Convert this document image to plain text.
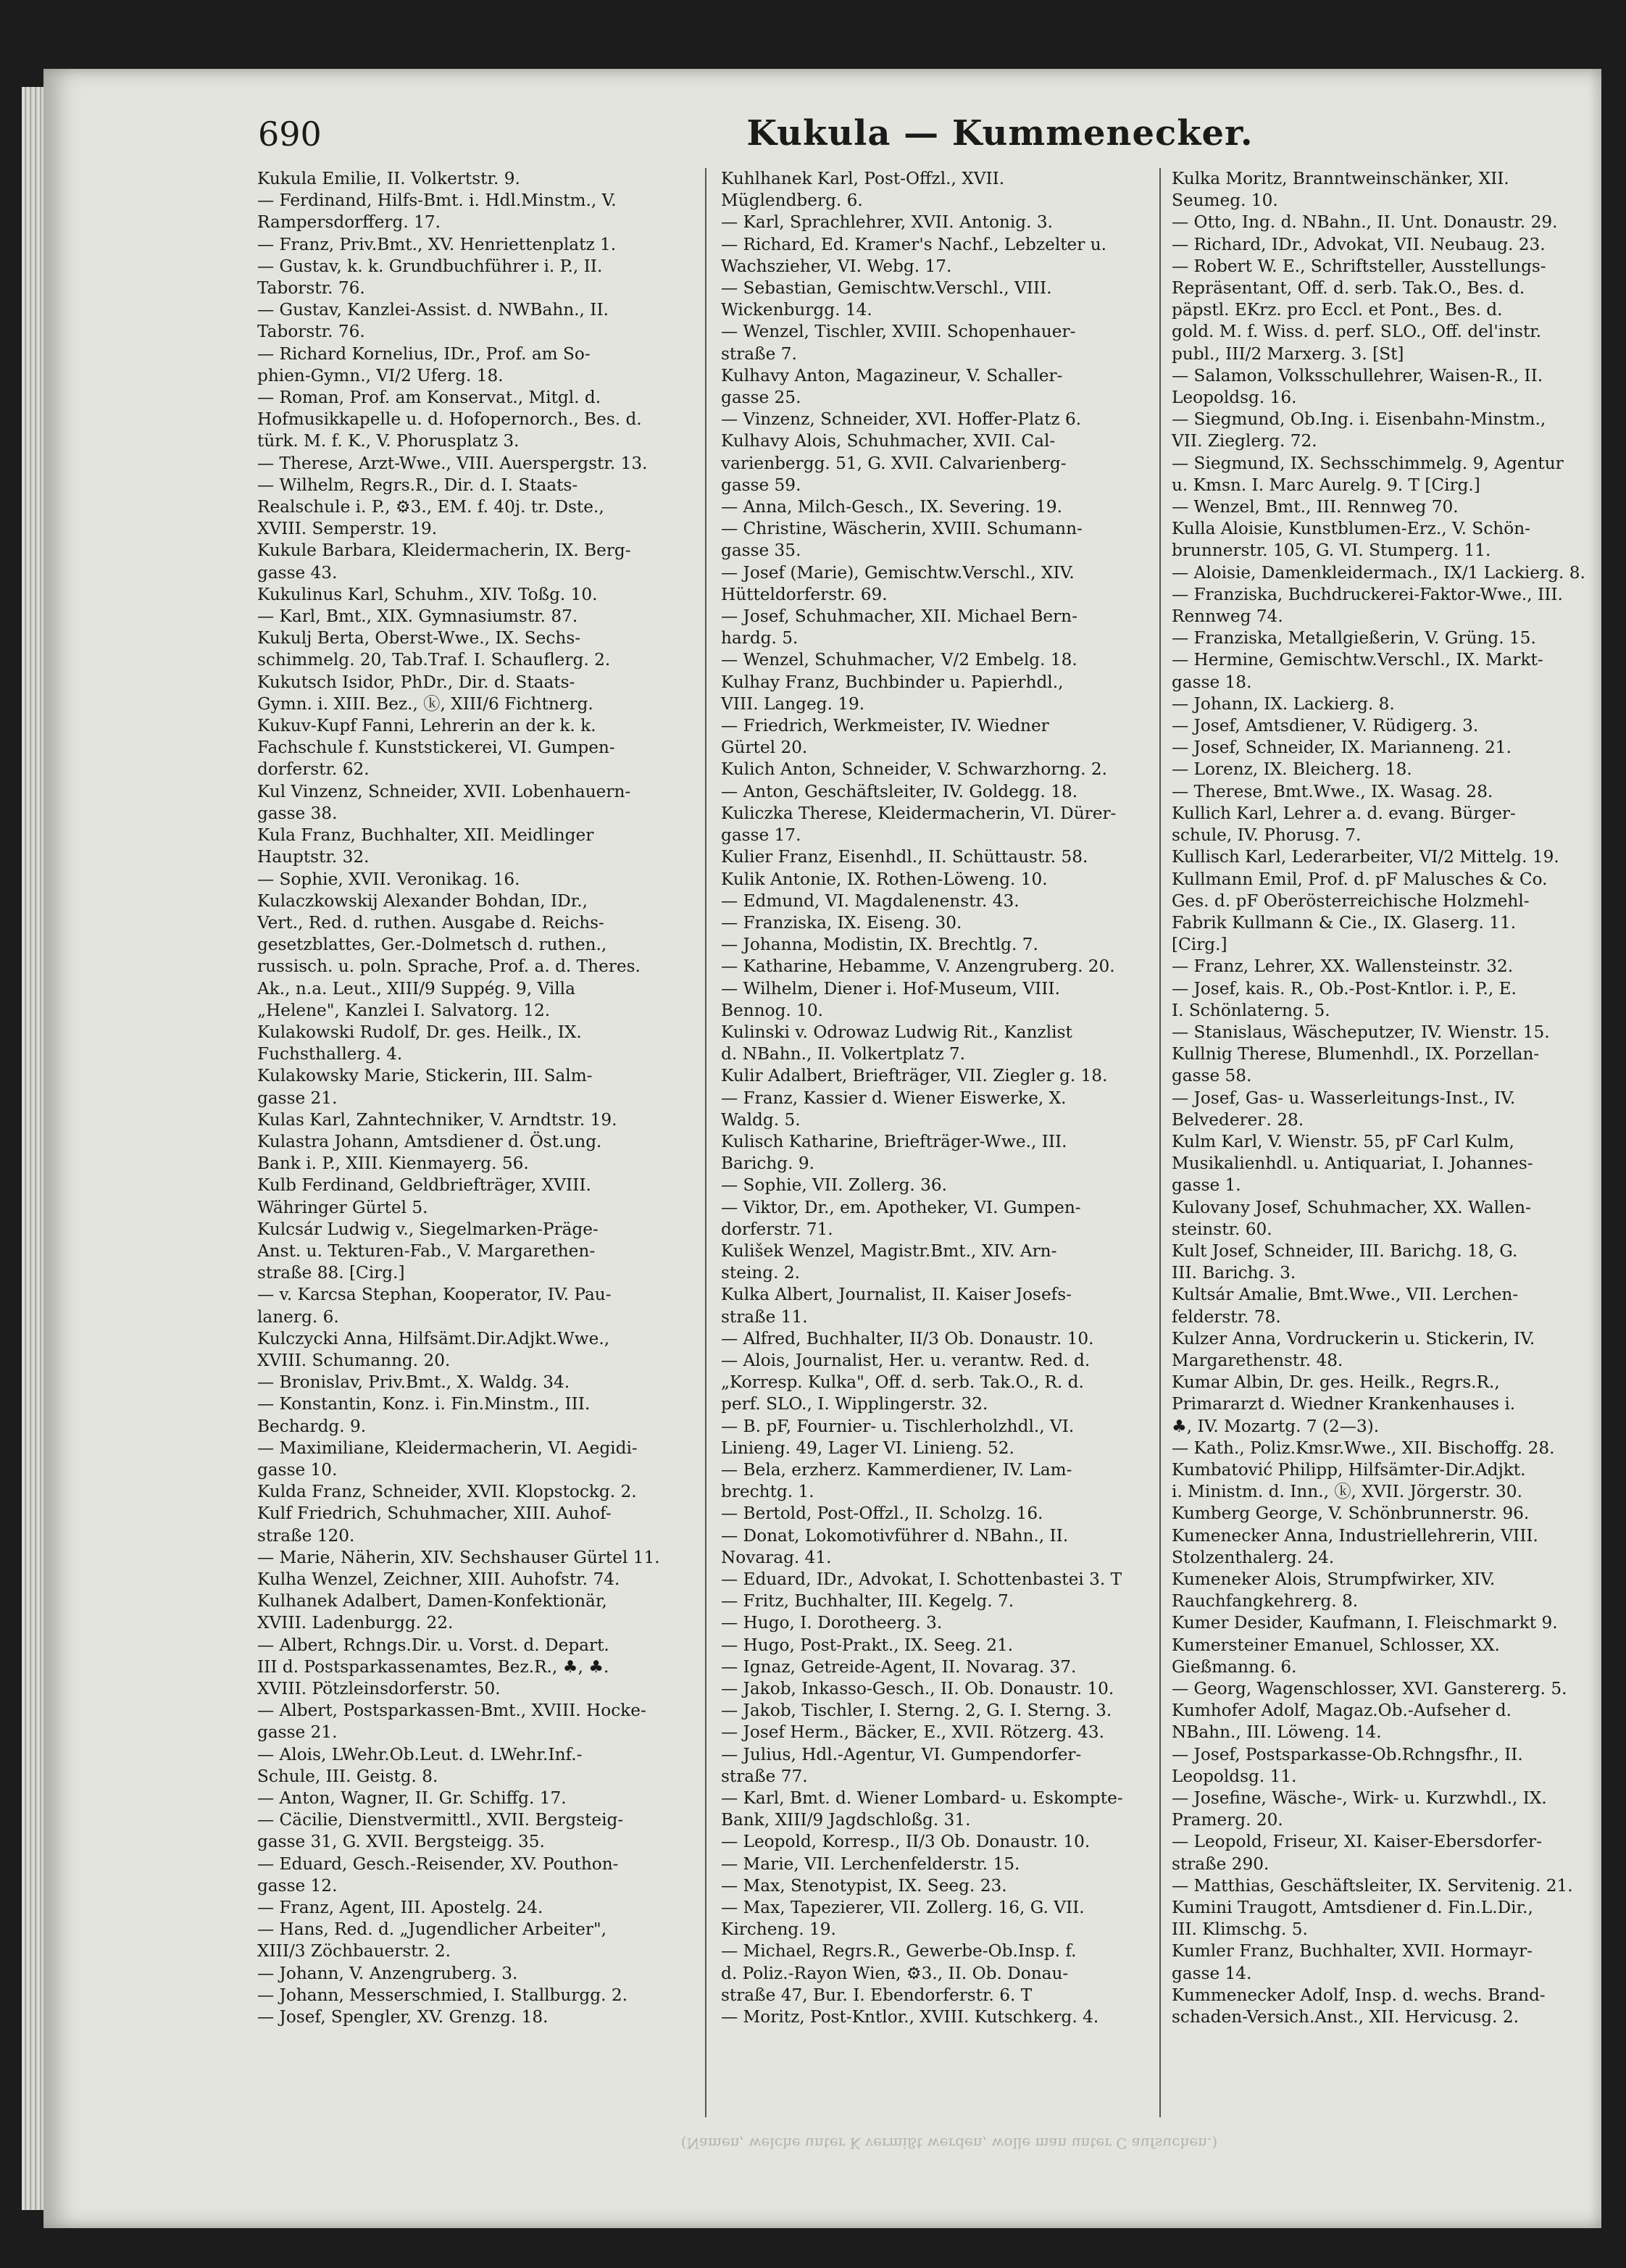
690	Kukula — Kummenecker.
Kukula Emilie, II. Volkertstr. 9.
— Ferdinand, Hilfs-Bmt. i. Hdl.Minstm., V.
Rampersdorfferg. 17.
— Franz, Priv.Bmt., XV. Henriettenplatz 1.
— Gustav, k. k. Grundbuchführer i. P., II.
Taborstr. 76.
— Gustav, Kanzlei-Assist. d. NWBahn., II.
Taborstr. 76.
— Richard Kornelius, IDr., Prof. am So-
phien-Gymn., VI/2 Uferg. 18.
— Roman, Prof. am Konservat., Mitgl. d.
Hofmusikkapelle u. d. Hofopernorch., Bes. d.
türk. M. f. K., V. Phorusplatz 3.
— Therese, Arzt-Wwe., VIII. Auerspergstr. 13.
— Wilhelm, Regrs.R., Dir. d. I. Staats-
Realschule i. P., ⚙3., EM. f. 40j. tr. Dste.,
XVIII. Semperstr. 19.
Kukule Barbara, Kleidermacherin, IX. Berg-
gasse 43.
Kukulinus Karl, Schuhm., XIV. Toßg. 10.
— Karl, Bmt., XIX. Gymnasiumstr. 87.
Kukulj Berta, Oberst-Wwe., IX. Sechs-
schimmelg. 20, Tab.Traf. I. Schauflerg. 2.
Kukutsch Isidor, PhDr., Dir. d. Staats-
Gymn. i. XIII. Bez., ⓚ, XIII/6 Fichtnerg.
Kukuv-Kupf Fanni, Lehrerin an der k. k.
Fachschule f. Kunststickerei, VI. Gumpen-
dorferstr. 62.
Kul Vinzenz, Schneider, XVII. Lobenhauern-
gasse 38.
Kula Franz, Buchhalter, XII. Meidlinger
Hauptstr. 32.
— Sophie, XVII. Veronikag. 16.
Kulaczkowskij Alexander Bohdan, IDr.,
Vert., Red. d. ruthen. Ausgabe d. Reichs-
gesetzblattes, Ger.-Dolmetsch d. ruthen.,
russisch. u. poln. Sprache, Prof. a. d. Theres.
Ak., n.a. Leut., XIII/9 Suppég. 9, Villa
„Helene", Kanzlei I. Salvatorg. 12.
Kulakowski Rudolf, Dr. ges. Heilk., IX.
Fuchsthallerg. 4.
Kulakowsky Marie, Stickerin, III. Salm-
gasse 21.
Kulas Karl, Zahntechniker, V. Arndtstr. 19.
Kulastra Johann, Amtsdiener d. Öst.ung.
Bank i. P., XIII. Kienmayerg. 56.
Kulb Ferdinand, Geldbriefträger, XVIII.
Währinger Gürtel 5.
Kulcsár Ludwig v., Siegelmarken-Präge-
Anst. u. Tekturen-Fab., V. Margarethen-
straße 88. [Cirg.]
— v. Karcsa Stephan, Kooperator, IV. Pau-
lanerg. 6.
Kulczycki Anna, Hilfsämt.Dir.Adjkt.Wwe.,
XVIII. Schumanng. 20.
— Bronislav, Priv.Bmt., X. Waldg. 34.
— Konstantin, Konz. i. Fin.Minstm., III.
Bechardg. 9.
— Maximiliane, Kleidermacherin, VI. Aegidi-
gasse 10.
Kulda Franz, Schneider, XVII. Klopstockg. 2.
Kulf Friedrich, Schuhmacher, XIII. Auhof-
straße 120.
— Marie, Näherin, XIV. Sechshauser Gürtel 11.
Kulha Wenzel, Zeichner, XIII. Auhofstr. 74.
Kulhanek Adalbert, Damen-Konfektionär,
XVIII. Ladenburgg. 22.
— Albert, Rchngs.Dir. u. Vorst. d. Depart.
III d. Postsparkassenamtes, Bez.R., ♣, ♣.
XVIII. Pötzleinsdorferstr. 50.
— Albert, Postsparkassen-Bmt., XVIII. Hocke-
gasse 21.
— Alois, LWehr.Ob.Leut. d. LWehr.Inf.-
Schule, III. Geistg. 8.
— Anton, Wagner, II. Gr. Schiffg. 17.
— Cäcilie, Dienstvermittl., XVII. Bergsteig-
gasse 31, G. XVII. Bergsteigg. 35.
— Eduard, Gesch.-Reisender, XV. Pouthon-
gasse 12.
— Franz, Agent, III. Apostelg. 24.
— Hans, Red. d. „Jugendlicher Arbeiter",
XIII/3 Zöchbauerstr. 2.
— Johann, V. Anzengruberg. 3.
— Johann, Messerschmied, I. Stallburgg. 2.
— Josef, Spengler, XV. Grenzg. 18.
Kuhlhanek Karl, Post-Offzl., XVII.
Müglendberg. 6.
— Karl, Sprachlehrer, XVII. Antonig. 3.
— Richard, Ed. Kramer's Nachf., Lebzelter u.
Wachszieher, VI. Webg. 17.
— Sebastian, Gemischtw.Verschl., VIII.
Wickenburgg. 14.
— Wenzel, Tischler, XVIII. Schopenhauer-
straße 7.
Kulhavy Anton, Magazineur, V. Schaller-
gasse 25.
— Vinzenz, Schneider, XVI. Hoffer-Platz 6.
Kulhavy Alois, Schuhmacher, XVII. Cal-
varienbergg. 51, G. XVII. Calvarienberg-
gasse 59.
— Anna, Milch-Gesch., IX. Severing. 19.
— Christine, Wäscherin, XVIII. Schumann-
gasse 35.
— Josef (Marie), Gemischtw.Verschl., XIV.
Hütteldorferstr. 69.
— Josef, Schuhmacher, XII. Michael Bern-
hardg. 5.
— Wenzel, Schuhmacher, V/2 Embelg. 18.
Kulhay Franz, Buchbinder u. Papierhdl.,
VIII. Langeg. 19.
— Friedrich, Werkmeister, IV. Wiedner
Gürtel 20.
Kulich Anton, Schneider, V. Schwarzhorng. 2.
— Anton, Geschäftsleiter, IV. Goldegg. 18.
Kuliczka Therese, Kleidermacherin, VI. Dürer-
gasse 17.
Kulier Franz, Eisenhdl., II. Schüttaustr. 58.
Kulik Antonie, IX. Rothen-Löweng. 10.
— Edmund, VI. Magdalenenstr. 43.
— Franziska, IX. Eiseng. 30.
— Johanna, Modistin, IX. Brechtlg. 7.
— Katharine, Hebamme, V. Anzengruberg. 20.
— Wilhelm, Diener i. Hof-Museum, VIII.
Bennog. 10.
Kulinski v. Odrowaz Ludwig Rit., Kanzlist
d. NBahn., II. Volkertplatz 7.
Kulir Adalbert, Briefträger, VII. Ziegler g. 18.
— Franz, Kassier d. Wiener Eiswerke, X.
Waldg. 5.
Kulisch Katharine, Briefträger-Wwe., III.
Barichg. 9.
— Sophie, VII. Zollerg. 36.
— Viktor, Dr., em. Apotheker, VI. Gumpen-
dorferstr. 71.
Kulišek Wenzel, Magistr.Bmt., XIV. Arn-
steing. 2.
Kulka Albert, Journalist, II. Kaiser Josefs-
straße 11.
— Alfred, Buchhalter, II/3 Ob. Donaustr. 10.
— Alois, Journalist, Her. u. verantw. Red. d.
„Korresp. Kulka", Off. d. serb. Tak.O., R. d.
perf. SLO., I. Wipplingerstr. 32.
— B. pF, Fournier- u. Tischlerholzhdl., VI.
Linieng. 49, Lager VI. Linieng. 52.
— Bela, erzherz. Kammerdiener, IV. Lam-
brechtg. 1.
— Bertold, Post-Offzl., II. Scholzg. 16.
— Donat, Lokomotivführer d. NBahn., II.
Novarag. 41.
— Eduard, IDr., Advokat, I. Schottenbastei 3. T
— Fritz, Buchhalter, III. Kegelg. 7.
— Hugo, I. Dorotheerg. 3.
— Hugo, Post-Prakt., IX. Seeg. 21.
— Ignaz, Getreide-Agent, II. Novarag. 37.
— Jakob, Inkasso-Gesch., II. Ob. Donaustr. 10.
— Jakob, Tischler, I. Sterng. 2, G. I. Sterng. 3.
— Josef Herm., Bäcker, E., XVII. Rötzerg. 43.
— Julius, Hdl.-Agentur, VI. Gumpendorfer-
straße 77.
— Karl, Bmt. d. Wiener Lombard- u. Eskompte-
Bank, XIII/9 Jagdschloßg. 31.
— Leopold, Korresp., II/3 Ob. Donaustr. 10.
— Marie, VII. Lerchenfelderstr. 15.
— Max, Stenotypist, IX. Seeg. 23.
— Max, Tapezierer, VII. Zollerg. 16, G. VII.
Kircheng. 19.
— Michael, Regrs.R., Gewerbe-Ob.Insp. f.
d. Poliz.-Rayon Wien, ⚙3., II. Ob. Donau-
straße 47, Bur. I. Ebendorferstr. 6. T
— Moritz, Post-Kntlor., XVIII. Kutschkerg. 4.
Kulka Moritz, Branntweinschänker, XII.
Seumeg. 10.
— Otto, Ing. d. NBahn., II. Unt. Donaustr. 29.
— Richard, IDr., Advokat, VII. Neubaug. 23.
— Robert W. E., Schriftsteller, Ausstellungs-
Repräsentant, Off. d. serb. Tak.O., Bes. d.
päpstl. EKrz. pro Eccl. et Pont., Bes. d.
gold. M. f. Wiss. d. perf. SLO., Off. del'instr.
publ., III/2 Marxerg. 3. [St]
— Salamon, Volksschullehrer, Waisen-R., II.
Leopoldsg. 16.
— Siegmund, Ob.Ing. i. Eisenbahn-Minstm.,
VII. Zieglerg. 72.
— Siegmund, IX. Sechsschimmelg. 9, Agentur
u. Kmsn. I. Marc Aurelg. 9. T [Cirg.]
— Wenzel, Bmt., III. Rennweg 70.
Kulla Aloisie, Kunstblumen-Erz., V. Schön-
brunnerstr. 105, G. VI. Stumperg. 11.
— Aloisie, Damenkleidermach., IX/1 Lackierg. 8.
— Franziska, Buchdruckerei-Faktor-Wwe., III.
Rennweg 74.
— Franziska, Metallgießerin, V. Grüng. 15.
— Hermine, Gemischtw.Verschl., IX. Markt-
gasse 18.
— Johann, IX. Lackierg. 8.
— Josef, Amtsdiener, V. Rüdigerg. 3.
— Josef, Schneider, IX. Marianneng. 21.
— Lorenz, IX. Bleicherg. 18.
— Therese, Bmt.Wwe., IX. Wasag. 28.
Kullich Karl, Lehrer a. d. evang. Bürger-
schule, IV. Phorusg. 7.
Kullisch Karl, Lederarbeiter, VI/2 Mittelg. 19.
Kullmann Emil, Prof. d. pF Malusches & Co.
Ges. d. pF Oberösterreichische Holzmehl-
Fabrik Kullmann & Cie., IX. Glaserg. 11.
[Cirg.]
— Franz, Lehrer, XX. Wallensteinstr. 32.
— Josef, kais. R., Ob.-Post-Kntlor. i. P., E.
I. Schönlaterng. 5.
— Stanislaus, Wäscheputzer, IV. Wienstr. 15.
Kullnig Therese, Blumenhdl., IX. Porzellan-
gasse 58.
— Josef, Gas- u. Wasserleitungs-Inst., IV.
Belvederег. 28.
Kulm Karl, V. Wienstr. 55, pF Carl Kulm,
Musikalienhdl. u. Antiquariat, I. Johannes-
gasse 1.
Kulovany Josef, Schuhmacher, XX. Wallen-
steinstr. 60.
Kult Josef, Schneider, III. Barichg. 18, G.
III. Barichg. 3.
Kultsár Amalie, Bmt.Wwe., VII. Lerchen-
felderstr. 78.
Kulzer Anna, Vordruckerin u. Stickerin, IV.
Margarethenstr. 48.
Kumar Albin, Dr. ges. Heilk., Regrs.R.,
Primararzt d. Wiedner Krankenhauses i.
♣, IV. Mozartg. 7 (2—3).
— Kath., Poliz.Kmsr.Wwe., XII. Bischoffg. 28.
Kumbatović Philipp, Hilfsämter-Dir.Adjkt.
i. Ministm. d. Inn., ⓚ, XVII. Jörgerstr. 30.
Kumberg George, V. Schönbrunnerstr. 96.
Kumenecker Anna, Industriellehrerin, VIII.
Stolzenthalerg. 24.
Kumeneker Alois, Strumpfwirker, XIV.
Rauchfangkehrerg. 8.
Kumer Desider, Kaufmann, I. Fleischmarkt 9.
Kumersteiner Emanuel, Schlosser, XX.
Gießmanng. 6.
— Georg, Wagenschlosser, XVI. Ganstererg. 5.
Kumhofer Adolf, Magaz.Ob.-Aufseher d.
NBahn., III. Löweng. 14.
— Josef, Postsparkasse-Ob.Rchngsfhr., II.
Leopoldsg. 11.
— Josefine, Wäsche-, Wirk- u. Kurzwhdl., IX.
Pramerg. 20.
— Leopold, Friseur, XI. Kaiser-Ebersdorfer-
straße 290.
— Matthias, Geschäftsleiter, IX. Servitenig. 21.
Kumini Traugott, Amtsdiener d. Fin.L.Dir.,
III. Klimschg. 5.
Kumler Franz, Buchhalter, XVII. Hormayr-
gasse 14.
Kummenecker Adolf, Insp. d. wechs. Brand-
schaden-Versich.Anst., XII. Hervicusg. 2.
(Namen, welche unter K vermißt werden, wolle man unter C aufsuchen.)
